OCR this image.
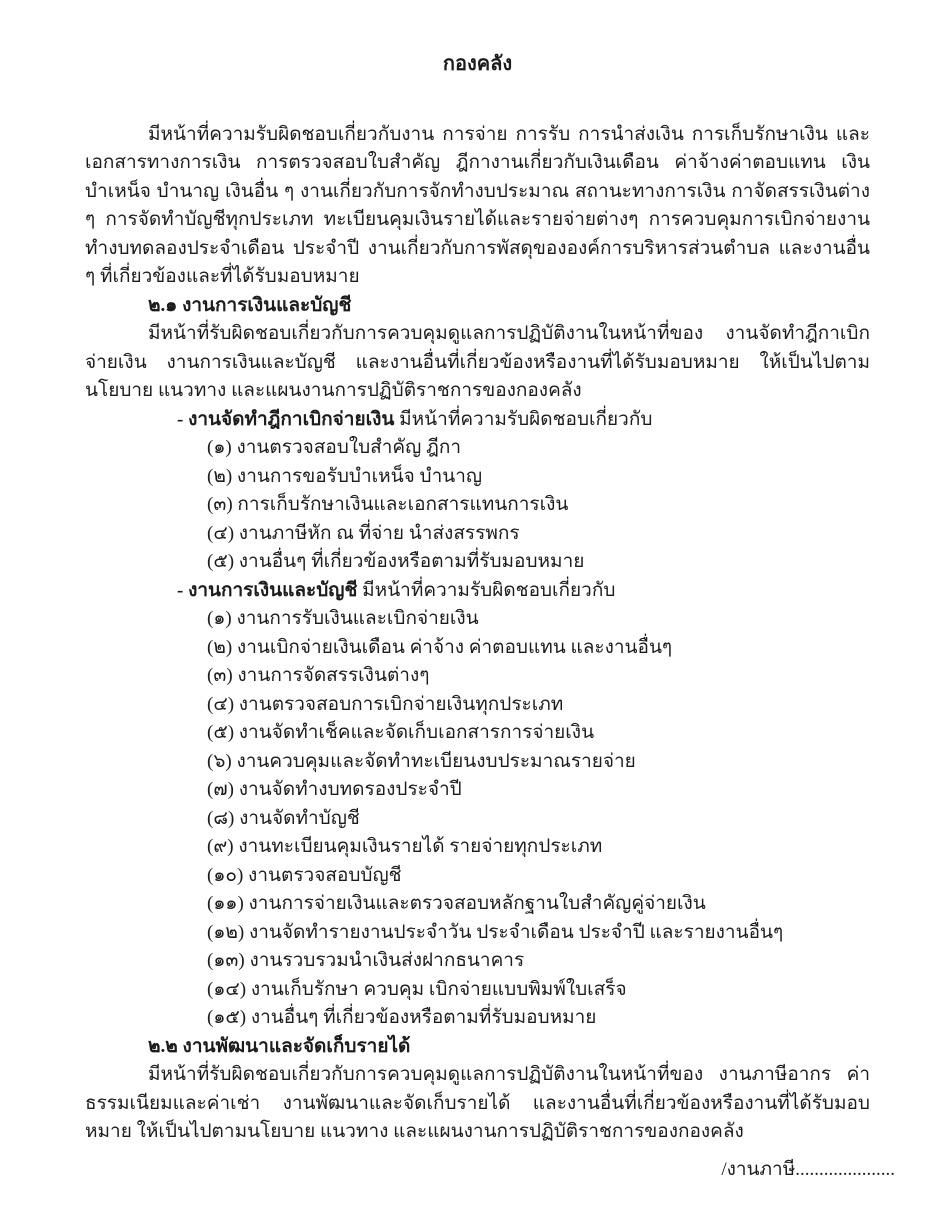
กองคลัง

มีหน้าที่ความรับผิดชอบเกี่ยวกับงาน การจ่าย การรับ การนำส่งเงิน การเก็บรักษาเงิน และเอกสารทางการเงิน การตรวจสอบใบสำคัญ ฎีกางานเกี่ยวกับเงินเดือน ค่าจ้างค่าตอบแทน เงินบำเหน็จ บำนาญ เงินอื่น ๆ งานเกี่ยวกับการจักทำงบประมาณ สถานะทางการเงิน กาจัดสรรเงินต่าง ๆ การจัดทำบัญชีทุกประเภท ทะเบียนคุมเงินรายได้และรายจ่ายต่างๆ การควบคุมการเบิกจ่ายงานทำงบทดลองประจำเดือน ประจำปี งานเกี่ยวกับการพัสดุขององค์การบริหารส่วนตำบล และงานอื่น ๆ ที่เกี่ยวข้องและที่ได้รับมอบหมาย

๒.๑ งานการเงินและบัญชี

มีหน้าที่รับผิดชอบเกี่ยวกับการควบคุมดูแลการปฏิบัติงานในหน้าที่ของ งานจัดทำฎีกาเบิกจ่ายเงิน งานการเงินและบัญชี และงานอื่นที่เกี่ยวข้องหรืองานที่ได้รับมอบหมาย ให้เป็นไปตามนโยบาย แนวทาง และแผนงานการปฏิบัติราชการของกองคลัง

- งานจัดทำฎีกาเบิกจ่ายเงิน มีหน้าที่ความรับผิดชอบเกี่ยวกับ

(๑) งานตรวจสอบใบสำคัญ ฎีกา

(๒) งานการขอรับบำเหน็จ บำนาญ

(๓) การเก็บรักษาเงินและเอกสารแทนการเงิน

(๔) งานภาษีหัก ณ ที่จ่าย นำส่งสรรพกร

(๕) งานอื่นๆ ที่เกี่ยวข้องหรือตามที่รับมอบหมาย

- งานการเงินและบัญชี มีหน้าที่ความรับผิดชอบเกี่ยวกับ

(๑) งานการรับเงินและเบิกจ่ายเงิน

(๒) งานเบิกจ่ายเงินเดือน ค่าจ้าง ค่าตอบแทน และงานอื่นๆ

(๓) งานการจัดสรรเงินต่างๆ

(๔) งานตรวจสอบการเบิกจ่ายเงินทุกประเภท

(๕) งานจัดทำเช็คและจัดเก็บเอกสารการจ่ายเงิน

(๖) งานควบคุมและจัดทำทะเบียนงบประมาณรายจ่าย

(๗) งานจัดทำงบทดรองประจำปี

(๘) งานจัดทำบัญชี

(๙) งานทะเบียนคุมเงินรายได้ รายจ่ายทุกประเภท

(๑๐) งานตรวจสอบบัญชี

(๑๑) งานการจ่ายเงินและตรวจสอบหลักฐานใบสำคัญคู่จ่ายเงิน

(๑๒) งานจัดทำรายงานประจำวัน ประจำเดือน ประจำปี และรายงานอื่นๆ

(๑๓) งานรวบรวมนำเงินส่งฝากธนาคาร

(๑๔) งานเก็บรักษา ควบคุม เบิกจ่ายแบบพิมพ์ใบเสร็จ

(๑๕) งานอื่นๆ ที่เกี่ยวข้องหรือตามที่รับมอบหมาย

๒.๒ งานพัฒนาและจัดเก็บรายได้

มีหน้าที่รับผิดชอบเกี่ยวกับการควบคุมดูแลการปฏิบัติงานในหน้าที่ของ งานภาษีอากร ค่าธรรมเนียมและค่าเช่า งานพัฒนาและจัดเก็บรายได้ และงานอื่นที่เกี่ยวข้องหรืองานที่ได้รับมอบหมาย ให้เป็นไปตามนโยบาย แนวทาง และแผนงานการปฏิบัติราชการของกองคลัง

/งานภาษี.....................
